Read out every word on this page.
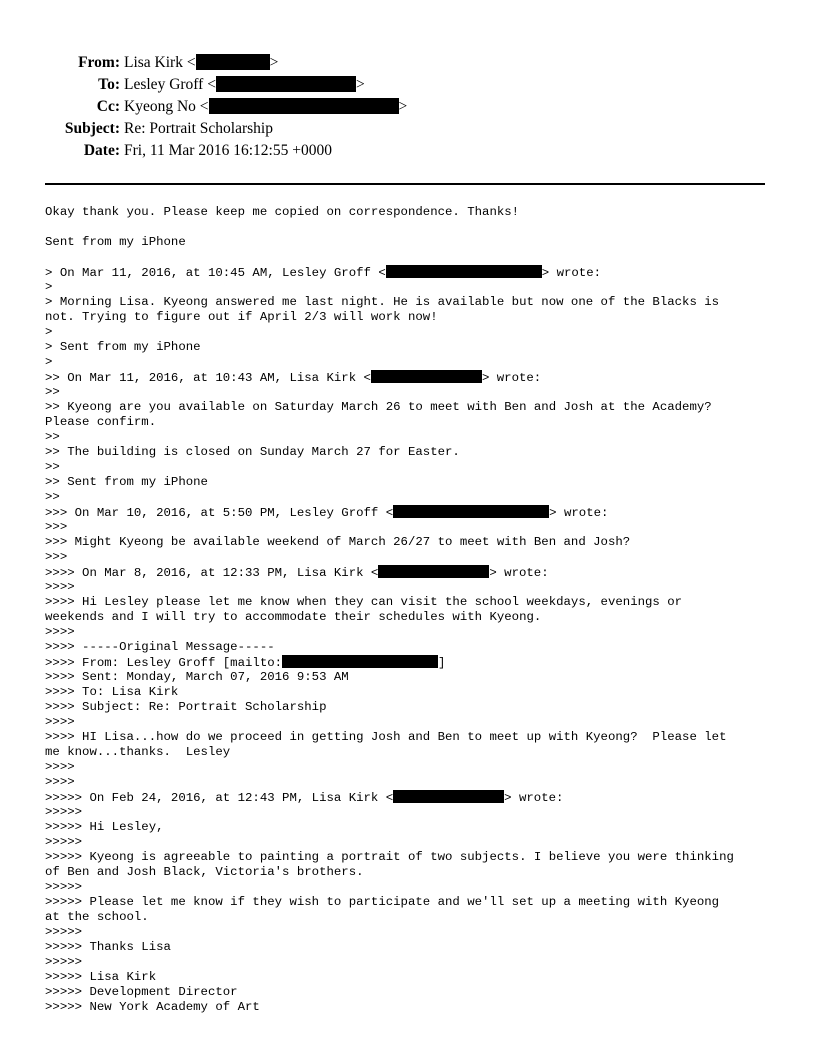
From: Lisa Kirk <	>
To: Lesley Groff <	>
Cc: Kyeong No <	>
Subject: Re: Portrait Scholarship
Date: Fri, 11 Mar 2016 16:12:55 +0000
Okay thank you. Please keep me copied on correspondence. Thanks!
Sent from my iPhone
> On Mar 11, 2016, at 10:45 AM, Lesley Groff <	> wrote:
>
> Morning Lisa. Kyeong answered me last night. He is available but now one of the Blacks is
not. Trying to figure out if April 2/3 will work now!
>
> Sent from my iPhone
>
>> On Mar 11, 2016, at 10:43 AM, Lisa Kirk <	> wrote:
>>
>> Kyeong are you available on Saturday March 26 to meet with Ben and Josh at the Academy?
Please confirm.
>>
>> The building is closed on Sunday March 27 for Easter.
>>
>> Sent from my iPhone
>>
>>> On Mar 10, 2016, at 5:50 PM, Lesley Groff <	> wrote:
>>>
>>> Might Kyeong be available weekend of March 26/27 to meet with Ben and Josh?
>>>
>>>> On Mar 8, 2016, at 12:33 PM, Lisa Kirk <	> wrote:
>>>>
>>>> Hi Lesley please let me know when they can visit the school weekdays, evenings or
weekends and I will try to accommodate their schedules with Kyeong.
>>>>
>>>> -----Original Message-----
>>>> From: Lesley Groff [mailto:	]
>>>> Sent: Monday, March 07, 2016 9:53 AM
>>>> To: Lisa Kirk
>>>> Subject: Re: Portrait Scholarship
>>>>
>>>> HI Lisa...how do we proceed in getting Josh and Ben to meet up with Kyeong?  Please let
me know...thanks.  Lesley
>>>>
>>>>
>>>>> On Feb 24, 2016, at 12:43 PM, Lisa Kirk <	> wrote:
>>>>>
>>>>> Hi Lesley,
>>>>>
>>>>> Kyeong is agreeable to painting a portrait of two subjects. I believe you were thinking
of Ben and Josh Black, Victoria's brothers.
>>>>>
>>>>> Please let me know if they wish to participate and we'll set up a meeting with Kyeong
at the school.
>>>>>
>>>>> Thanks Lisa
>>>>>
>>>>> Lisa Kirk
>>>>> Development Director
>>>>> New York Academy of Art
